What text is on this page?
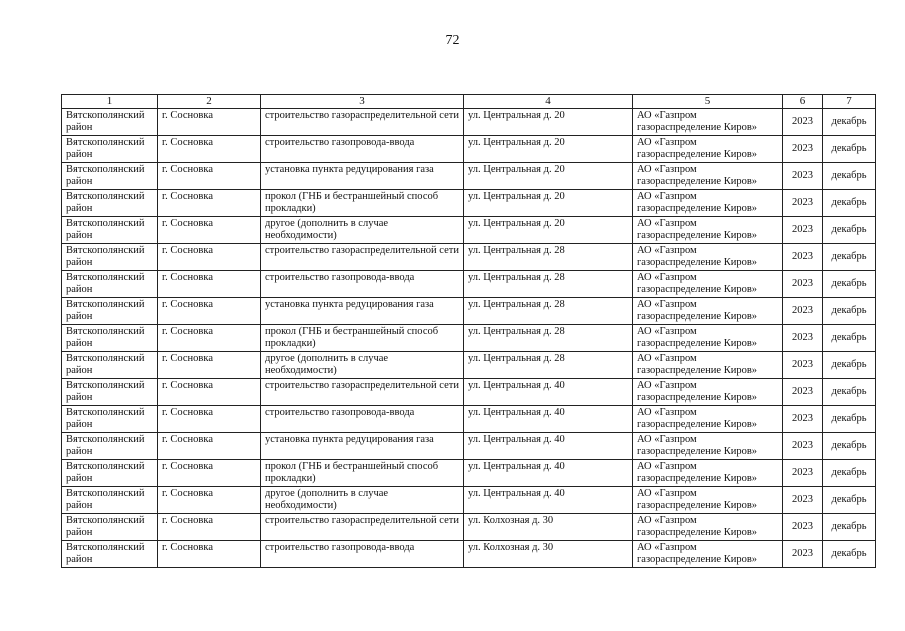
72
1	2	3	4	5	6	7
Вятскополянский район	г. Сосновка	строительство газораспределительной сети	ул. Центральная д. 20	АО «Газпром газораспределение Киров»	2023	декабрь
Вятскополянский район	г. Сосновка	строительство газопровода-ввода	ул. Центральная д. 20	АО «Газпром газораспределение Киров»	2023	декабрь
Вятскополянский район	г. Сосновка	установка пункта редуцирования газа	ул. Центральная д. 20	АО «Газпром газораспределение Киров»	2023	декабрь
Вятскополянский район	г. Сосновка	прокол (ГНБ и бестраншейный способ прокладки)	ул. Центральная д. 20	АО «Газпром газораспределение Киров»	2023	декабрь
Вятскополянский район	г. Сосновка	другое (дополнить в случае необходимости)	ул. Центральная д. 20	АО «Газпром газораспределение Киров»	2023	декабрь
Вятскополянский район	г. Сосновка	строительство газораспределительной сети	ул. Центральная д. 28	АО «Газпром газораспределение Киров»	2023	декабрь
Вятскополянский район	г. Сосновка	строительство газопровода-ввода	ул. Центральная д. 28	АО «Газпром газораспределение Киров»	2023	декабрь
Вятскополянский район	г. Сосновка	установка пункта редуцирования газа	ул. Центральная д. 28	АО «Газпром газораспределение Киров»	2023	декабрь
Вятскополянский район	г. Сосновка	прокол (ГНБ и бестраншейный способ прокладки)	ул. Центральная д. 28	АО «Газпром газораспределение Киров»	2023	декабрь
Вятскополянский район	г. Сосновка	другое (дополнить в случае необходимости)	ул. Центральная д. 28	АО «Газпром газораспределение Киров»	2023	декабрь
Вятскополянский район	г. Сосновка	строительство газораспределительной сети	ул. Центральная д. 40	АО «Газпром газораспределение Киров»	2023	декабрь
Вятскополянский район	г. Сосновка	строительство газопровода-ввода	ул. Центральная д. 40	АО «Газпром газораспределение Киров»	2023	декабрь
Вятскополянский район	г. Сосновка	установка пункта редуцирования газа	ул. Центральная д. 40	АО «Газпром газораспределение Киров»	2023	декабрь
Вятскополянский район	г. Сосновка	прокол (ГНБ и бестраншейный способ прокладки)	ул. Центральная д. 40	АО «Газпром газораспределение Киров»	2023	декабрь
Вятскополянский район	г. Сосновка	другое (дополнить в случае необходимости)	ул. Центральная д. 40	АО «Газпром газораспределение Киров»	2023	декабрь
Вятскополянский район	г. Сосновка	строительство газораспределительной сети	ул. Колхозная д. 30	АО «Газпром газораспределение Киров»	2023	декабрь
Вятскополянский район	г. Сосновка	строительство газопровода-ввода	ул. Колхозная д. 30	АО «Газпром газораспределение Киров»	2023	декабрь
